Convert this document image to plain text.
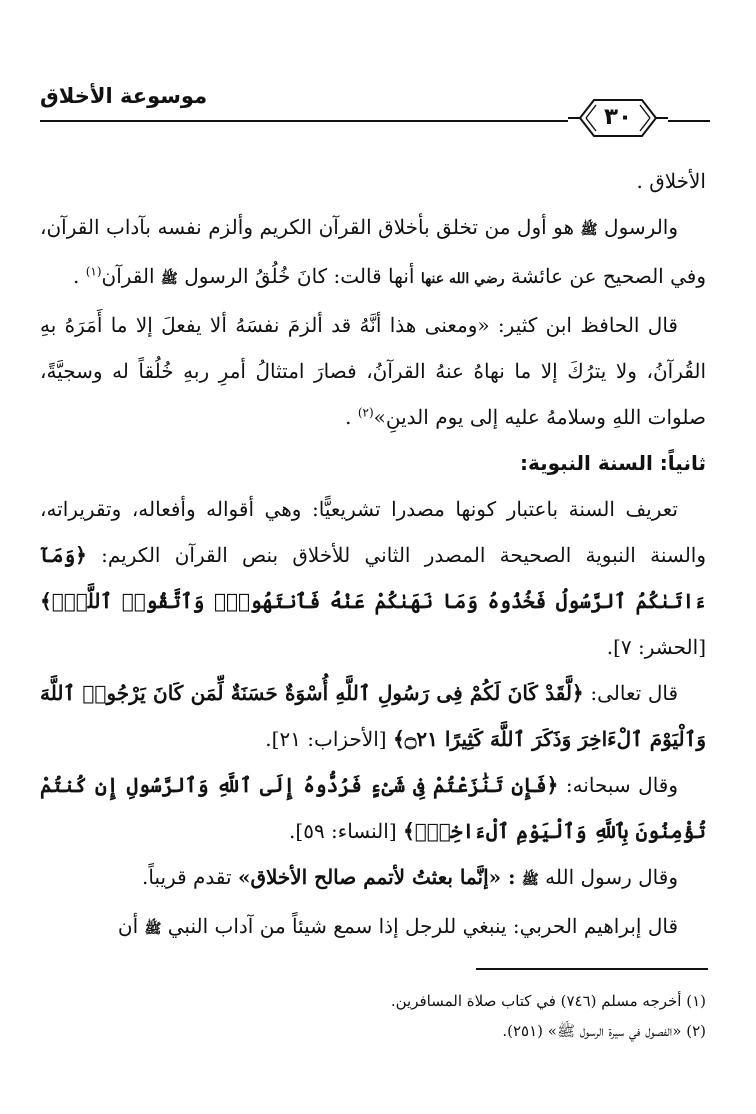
موسوعة الأخلاق
٣٠

الأخلاق .

والرسول ﷺ هو أول من تخلق بأخلاق القرآن الكريم وألزم نفسه بآداب القرآن، وفي الصحيح عن عائشة رضي الله عنها أنها قالت: كانَ خُلُقُ الرسول ﷺ القرآن$^{(١)}$ .

قال الحافظ ابن كثير: «ومعنى هذا أنَّهُ قد ألزمَ نفسَهُ ألا يفعلَ إلا ما أَمَرَهُ بهِ القُرآنُ، ولا يترُكَ إلا ما نهاهُ عنهُ القرآنُ، فصارَ امتثالُ أمرِ ربهِ خُلُقاً له وسجيَّةً، صلوات اللهِ وسلامهُ عليه إلى يوم الدينِ»$^{(٢)}$ .

ثانياً: السنة النبوية:

تعريف السنة باعتبار كونها مصدرا تشريعيًّا: وهي أقواله وأفعاله، وتقريراته، والسنة النبوية الصحيحة المصدر الثاني للأخلاق بنص القرآن الكريم: ﴿وَمَآ ءَاتَىٰكُمُ ٱلرَّسُولُ فَخُذُوهُ وَمَا نَهَىٰكُمْ عَنْهُ فَٱنتَهُوا۟ۚ وَٱتَّقُوا۟ ٱللَّهَۖ﴾ [الحشر: ٧].

قال تعالى: ﴿لَّقَدْ كَانَ لَكُمْ فِى رَسُولِ ٱللَّهِ أُسْوَةٌ حَسَنَةٌ لِّمَن كَانَ يَرْجُوا۟ ٱللَّهَ وَٱلْيَوْمَ ٱلْءَاخِرَ وَذَكَرَ ٱللَّهَ كَثِيرًا ۝٢١﴾ [الأحزاب: ٢١].

وقال سبحانه: ﴿فَإِن تَنَٰزَعْتُمْ فِى شَىْءٍ فَرُدُّوهُ إِلَى ٱللَّهِ وَٱلرَّسُولِ إِن كُنتُمْ تُؤْمِنُونَ بِٱللَّهِ وَٱلْيَوْمِ ٱلْءَاخِرِۚ﴾ [النساء: ٥٩].

وقال رسول الله ﷺ : «إنَّما بعثتُ لأتمم صالح الأخلاق» تقدم قريباً.

قال إبراهيم الحربي: ينبغي للرجل إذا سمع شيئاً من آداب النبي ﷺ أن

(١) أخرجه مسلم (٧٤٦) في كتاب صلاة المسافرين.

(٢) «الفصول في سيرة الرسول ﷺ» (٢٥١).
